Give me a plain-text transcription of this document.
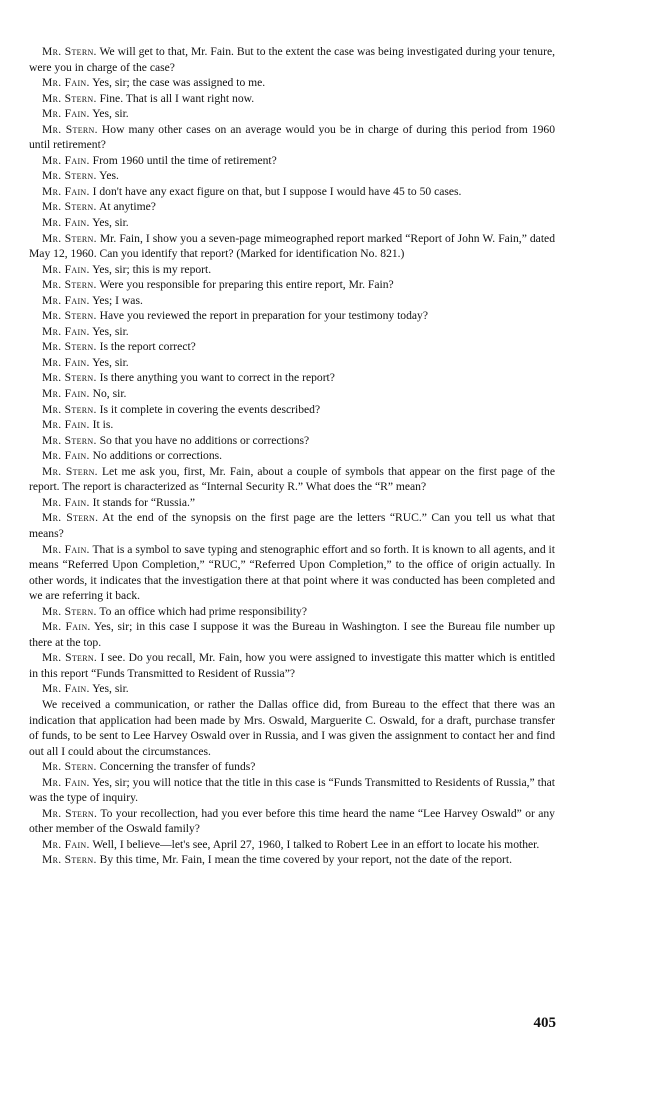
Mr. Stern. We will get to that, Mr. Fain. But to the extent the case was being investigated during your tenure, were you in charge of the case?

Mr. Fain. Yes, sir; the case was assigned to me.

Mr. Stern. Fine. That is all I want right now.

Mr. Fain. Yes, sir.

Mr. Stern. How many other cases on an average would you be in charge of during this period from 1960 until retirement?

Mr. Fain. From 1960 until the time of retirement?

Mr. Stern. Yes.

Mr. Fain. I don't have any exact figure on that, but I suppose I would have 45 to 50 cases.

Mr. Stern. At anytime?

Mr. Fain. Yes, sir.

Mr. Stern. Mr. Fain, I show you a seven-page mimeographed report marked “Report of John W. Fain,” dated May 12, 1960. Can you identify that report? (Marked for identification No. 821.)

Mr. Fain. Yes, sir; this is my report.

Mr. Stern. Were you responsible for preparing this entire report, Mr. Fain?

Mr. Fain. Yes; I was.

Mr. Stern. Have you reviewed the report in preparation for your testimony today?

Mr. Fain. Yes, sir.

Mr. Stern. Is the report correct?

Mr. Fain. Yes, sir.

Mr. Stern. Is there anything you want to correct in the report?

Mr. Fain. No, sir.

Mr. Stern. Is it complete in covering the events described?

Mr. Fain. It is.

Mr. Stern. So that you have no additions or corrections?

Mr. Fain. No additions or corrections.

Mr. Stern. Let me ask you, first, Mr. Fain, about a couple of symbols that appear on the first page of the report. The report is characterized as “Internal Security R.” What does the “R” mean?

Mr. Fain. It stands for “Russia.”

Mr. Stern. At the end of the synopsis on the first page are the letters “RUC.” Can you tell us what that means?

Mr. Fain. That is a symbol to save typing and stenographic effort and so forth. It is known to all agents, and it means “Referred Upon Completion,” “RUC,” “Referred Upon Completion,” to the office of origin actually. In other words, it indicates that the investigation there at that point where it was conducted has been completed and we are referring it back.

Mr. Stern. To an office which had prime responsibility?

Mr. Fain. Yes, sir; in this case I suppose it was the Bureau in Washington. I see the Bureau file number up there at the top.

Mr. Stern. I see. Do you recall, Mr. Fain, how you were assigned to investigate this matter which is entitled in this report “Funds Transmitted to Resident of Russia”?

Mr. Fain. Yes, sir.

We received a communication, or rather the Dallas office did, from Bureau to the effect that there was an indication that application had been made by Mrs. Oswald, Marguerite C. Oswald, for a draft, purchase transfer of funds, to be sent to Lee Harvey Oswald over in Russia, and I was given the assignment to contact her and find out all I could about the circumstances.

Mr. Stern. Concerning the transfer of funds?

Mr. Fain. Yes, sir; you will notice that the title in this case is “Funds Transmitted to Residents of Russia,” that was the type of inquiry.

Mr. Stern. To your recollection, had you ever before this time heard the name “Lee Harvey Oswald” or any other member of the Oswald family?

Mr. Fain. Well, I believe—let's see, April 27, 1960, I talked to Robert Lee in an effort to locate his mother.

Mr. Stern. By this time, Mr. Fain, I mean the time covered by your report, not the date of the report.

405
